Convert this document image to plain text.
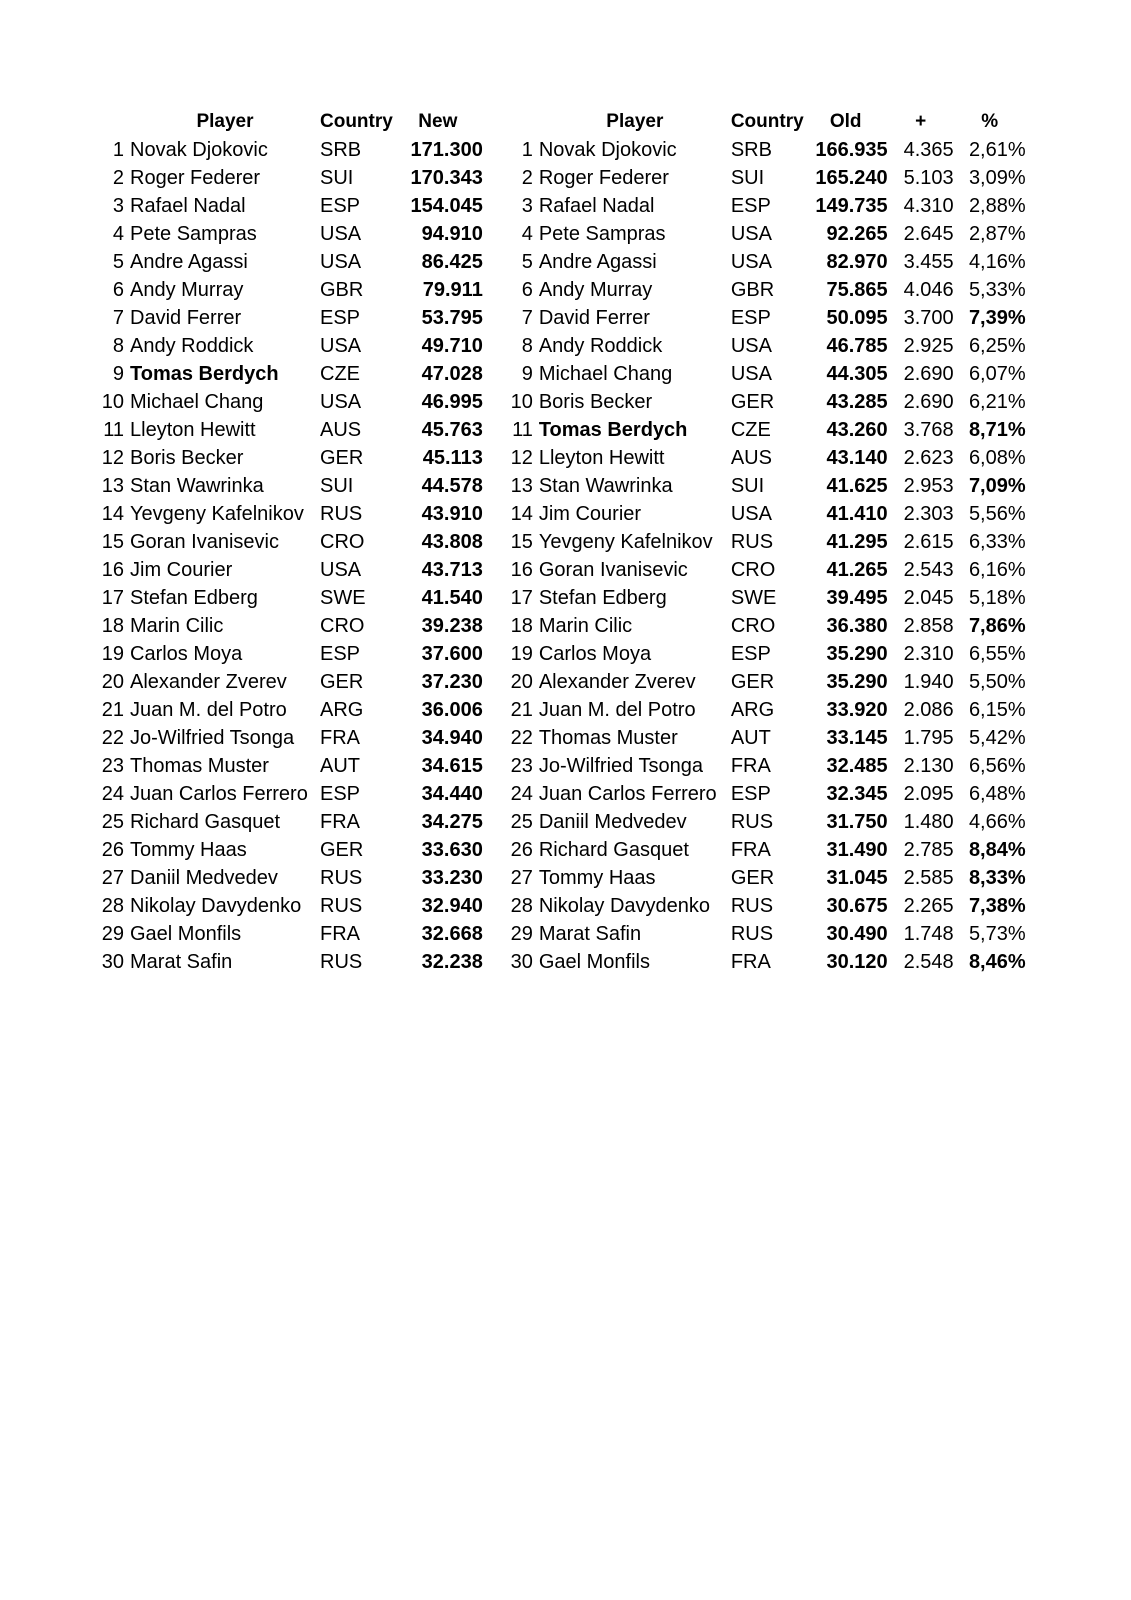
	Player	Country	New			Player	Country	Old	+	%
1	Novak Djokovic	SRB	171.300		1	Novak Djokovic	SRB	166.935	4.365	2,61%
2	Roger Federer	SUI	170.343		2	Roger Federer	SUI	165.240	5.103	3,09%
3	Rafael Nadal	ESP	154.045		3	Rafael Nadal	ESP	149.735	4.310	2,88%
4	Pete Sampras	USA	94.910		4	Pete Sampras	USA	92.265	2.645	2,87%
5	Andre Agassi	USA	86.425		5	Andre Agassi	USA	82.970	3.455	4,16%
6	Andy Murray	GBR	79.911		6	Andy Murray	GBR	75.865	4.046	5,33%
7	David Ferrer	ESP	53.795		7	David Ferrer	ESP	50.095	3.700	7,39%
8	Andy Roddick	USA	49.710		8	Andy Roddick	USA	46.785	2.925	6,25%
9	Tomas Berdych	CZE	47.028		9	Michael Chang	USA	44.305	2.690	6,07%
10	Michael Chang	USA	46.995		10	Boris Becker	GER	43.285	2.690	6,21%
11	Lleyton Hewitt	AUS	45.763		11	Tomas Berdych	CZE	43.260	3.768	8,71%
12	Boris Becker	GER	45.113		12	Lleyton Hewitt	AUS	43.140	2.623	6,08%
13	Stan Wawrinka	SUI	44.578		13	Stan Wawrinka	SUI	41.625	2.953	7,09%
14	Yevgeny Kafelnikov	RUS	43.910		14	Jim Courier	USA	41.410	2.303	5,56%
15	Goran Ivanisevic	CRO	43.808		15	Yevgeny Kafelnikov	RUS	41.295	2.615	6,33%
16	Jim Courier	USA	43.713		16	Goran Ivanisevic	CRO	41.265	2.543	6,16%
17	Stefan Edberg	SWE	41.540		17	Stefan Edberg	SWE	39.495	2.045	5,18%
18	Marin Cilic	CRO	39.238		18	Marin Cilic	CRO	36.380	2.858	7,86%
19	Carlos Moya	ESP	37.600		19	Carlos Moya	ESP	35.290	2.310	6,55%
20	Alexander Zverev	GER	37.230		20	Alexander Zverev	GER	35.290	1.940	5,50%
21	Juan M. del Potro	ARG	36.006		21	Juan M. del Potro	ARG	33.920	2.086	6,15%
22	Jo-Wilfried Tsonga	FRA	34.940		22	Thomas Muster	AUT	33.145	1.795	5,42%
23	Thomas Muster	AUT	34.615		23	Jo-Wilfried Tsonga	FRA	32.485	2.130	6,56%
24	Juan Carlos Ferrero	ESP	34.440		24	Juan Carlos Ferrero	ESP	32.345	2.095	6,48%
25	Richard Gasquet	FRA	34.275		25	Daniil Medvedev	RUS	31.750	1.480	4,66%
26	Tommy Haas	GER	33.630		26	Richard Gasquet	FRA	31.490	2.785	8,84%
27	Daniil Medvedev	RUS	33.230		27	Tommy Haas	GER	31.045	2.585	8,33%
28	Nikolay Davydenko	RUS	32.940		28	Nikolay Davydenko	RUS	30.675	2.265	7,38%
29	Gael Monfils	FRA	32.668		29	Marat Safin	RUS	30.490	1.748	5,73%
30	Marat Safin	RUS	32.238		30	Gael Monfils	FRA	30.120	2.548	8,46%
